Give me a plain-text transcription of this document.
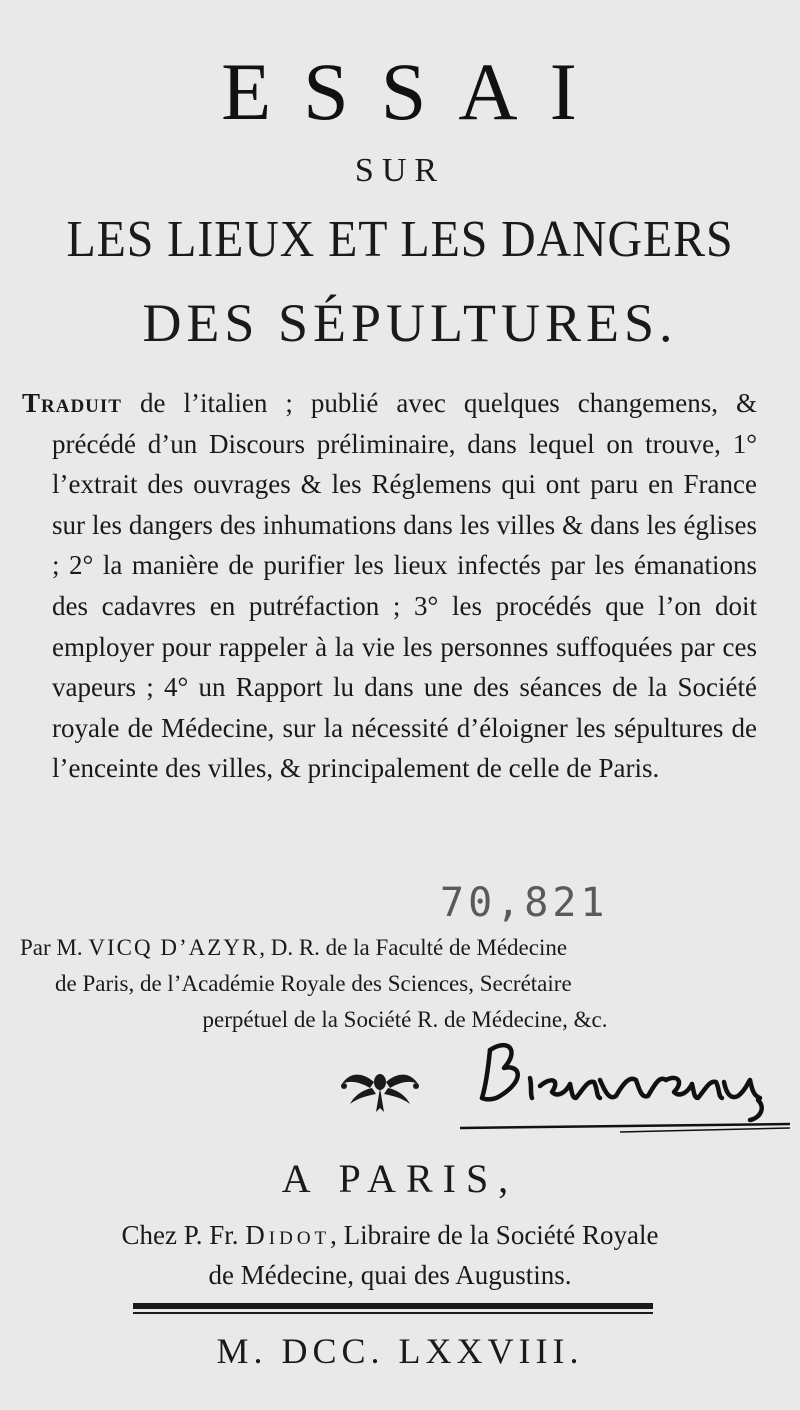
ESSAI
SUR
LES LIEUX ET LES DANGERS
DES SÉPULTURES.
Traduit de l’italien ; publié avec quelques changemens, & précédé d’un Discours préliminaire, dans lequel on trouve, 1° l’extrait des ouvrages & les Réglemens qui ont paru en France sur les dangers des inhumations dans les villes & dans les églises ; 2° la manière de purifier les lieux infectés par les émanations des cadavres en putréfaction ; 3° les procédés que l’on doit employer pour rappeler à la vie les personnes suffoquées par ces vapeurs ; 4° un Rapport lu dans une des séances de la Société royale de Médecine, sur la nécessité d’éloigner les sépultures de l’enceinte des villes, & principalement de celle de Paris.
70,821
Par M. VICQ D’AZYR, D. R. de la Faculté de Médecine
de Paris, de l’Académie Royale des Sciences, Secrétaire
perpétuel de la Société R. de Médecine, &c.
A PARIS,
Chez P. Fr. Didot, Libraire de la Société Royale
de Médecine, quai des Augustins.
M. DCC. LXXVIII.
